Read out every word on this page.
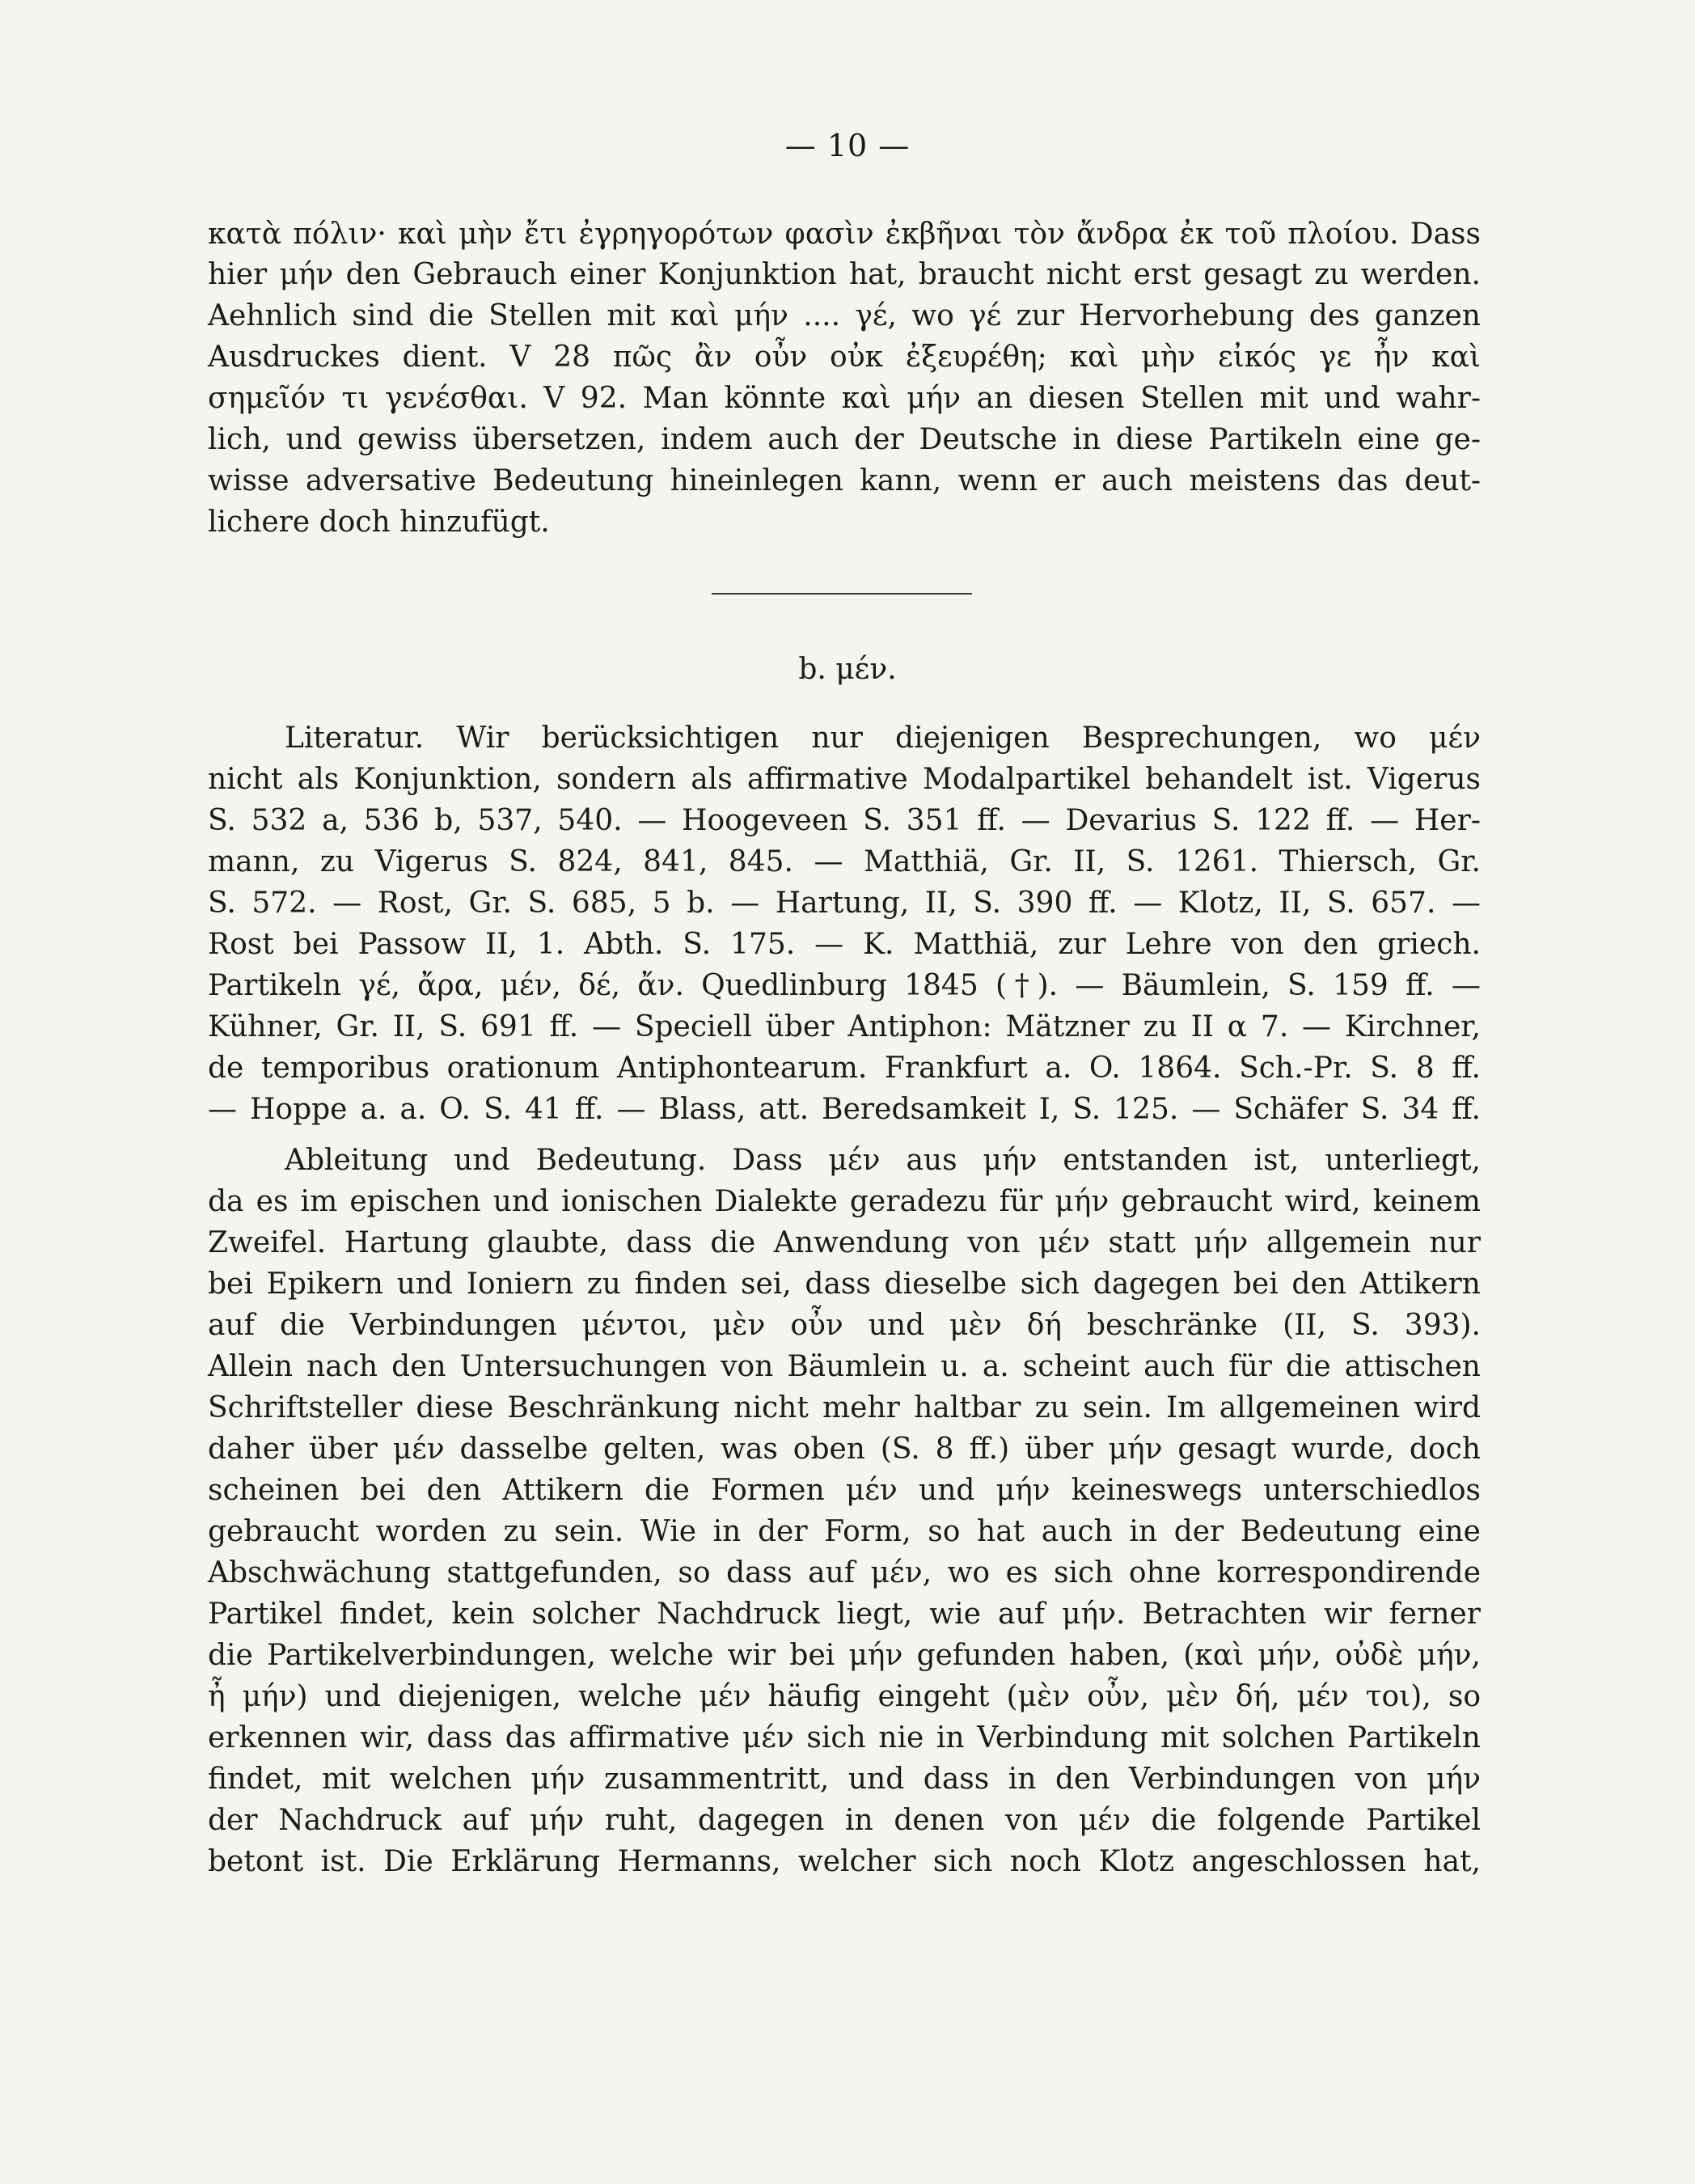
— 10 —
κατὰ πόλιν· καὶ μὴν ἔτι ἐγρηγορότων φασὶν ἐκβῆναι τὸν ἄνδρα ἐκ τοῦ πλοίου. Dass
hier μήν den Gebrauch einer Konjunktion hat, braucht nicht erst gesagt zu werden.
Aehnlich sind die Stellen mit καὶ μήν .... γέ, wo γέ zur Hervorhebung des ganzen
Ausdruckes dient. V 28 πῶς ἂν οὖν οὐκ ἐξευρέθη; καὶ μὴν εἰκός γε ἦν καὶ
σημεῖόν τι γενέσθαι. V 92. Man könnte καὶ μήν an diesen Stellen mit und wahr-
lich, und gewiss übersetzen, indem auch der Deutsche in diese Partikeln eine ge-
wisse adversative Bedeutung hineinlegen kann, wenn er auch meistens das deut-
lichere doch hinzufügt.
b. μέν.
Literatur. Wir berücksichtigen nur diejenigen Besprechungen, wo μέν
nicht als Konjunktion, sondern als affirmative Modalpartikel behandelt ist. Vigerus
S. 532 a, 536 b, 537, 540. — Hoogeveen S. 351 ff. — Devarius S. 122 ff. — Her-
mann, zu Vigerus S. 824, 841, 845. — Matthiä, Gr. II, S. 1261. Thiersch, Gr.
S. 572. — Rost, Gr. S. 685, 5 b. — Hartung, II, S. 390 ff. — Klotz, II, S. 657. —
Rost bei Passow II, 1. Abth. S. 175. — K. Matthiä, zur Lehre von den griech.
Partikeln γέ, ἄρα, μέν, δέ, ἄν. Quedlinburg 1845 (†). — Bäumlein, S. 159 ff. —
Kühner, Gr. II, S. 691 ff. — Speciell über Antiphon: Mätzner zu II α 7. — Kirchner,
de temporibus orationum Antiphontearum. Frankfurt a. O. 1864. Sch.-Pr. S. 8 ff.
— Hoppe a. a. O. S. 41 ff. — Blass, att. Beredsamkeit I, S. 125. — Schäfer S. 34 ff.
Ableitung und Bedeutung. Dass μέν aus μήν entstanden ist, unterliegt,
da es im epischen und ionischen Dialekte geradezu für μήν gebraucht wird, keinem
Zweifel. Hartung glaubte, dass die Anwendung von μέν statt μήν allgemein nur
bei Epikern und Ioniern zu finden sei, dass dieselbe sich dagegen bei den Attikern
auf die Verbindungen μέντοι, μὲν οὖν und μὲν δή beschränke (II, S. 393).
Allein nach den Untersuchungen von Bäumlein u. a. scheint auch für die attischen
Schriftsteller diese Beschränkung nicht mehr haltbar zu sein. Im allgemeinen wird
daher über μέν dasselbe gelten, was oben (S. 8 ff.) über μήν gesagt wurde, doch
scheinen bei den Attikern die Formen μέν und μήν keineswegs unterschiedlos
gebraucht worden zu sein. Wie in der Form, so hat auch in der Bedeutung eine
Abschwächung stattgefunden, so dass auf μέν, wo es sich ohne korrespondirende
Partikel findet, kein solcher Nachdruck liegt, wie auf μήν. Betrachten wir ferner
die Partikelverbindungen, welche wir bei μήν gefunden haben, (καὶ μήν, οὐδὲ μήν,
ἦ μήν) und diejenigen, welche μέν häufig eingeht (μὲν οὖν, μὲν δή, μέν τοι), so
erkennen wir, dass das affirmative μέν sich nie in Verbindung mit solchen Partikeln
findet, mit welchen μήν zusammentritt, und dass in den Verbindungen von μήν
der Nachdruck auf μήν ruht, dagegen in denen von μέν die folgende Partikel
betont ist. Die Erklärung Hermanns, welcher sich noch Klotz angeschlossen hat,
